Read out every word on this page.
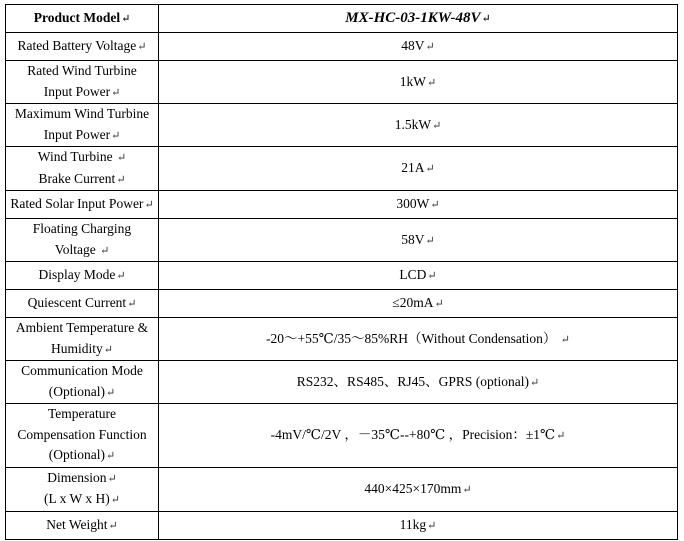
Product Model↵	MX-HC-03-1KW-48V↵
Rated Battery Voltage↵	48V↵

Rated Wind Turbine
Input Power↵	1kW↵

Maximum Wind Turbine
Input Power↵	1.5kW↵

Wind Turbine ↵
Brake Current↵	21A↵
Rated Solar Input Power↵	300W↵

Floating Charging
Voltage ↵	58V↵
Display Mode↵	LCD↵
Quiescent Current↵	≤20mA↵

Ambient Temperature &
Humidity↵	-20～+55℃/35～85%RH（Without Condensation） ↵

Communication Mode
(Optional)↵	RS232、RS485、RJ45、GPRS (optional)↵

Temperature
Compensation Function
(Optional)↵	-4mV/℃/2V ，－35℃--+80℃ ，Precision：±1℃↵

Dimension↵
(L x W x H)↵	440×425×170mm↵
Net Weight↵	11kg↵
